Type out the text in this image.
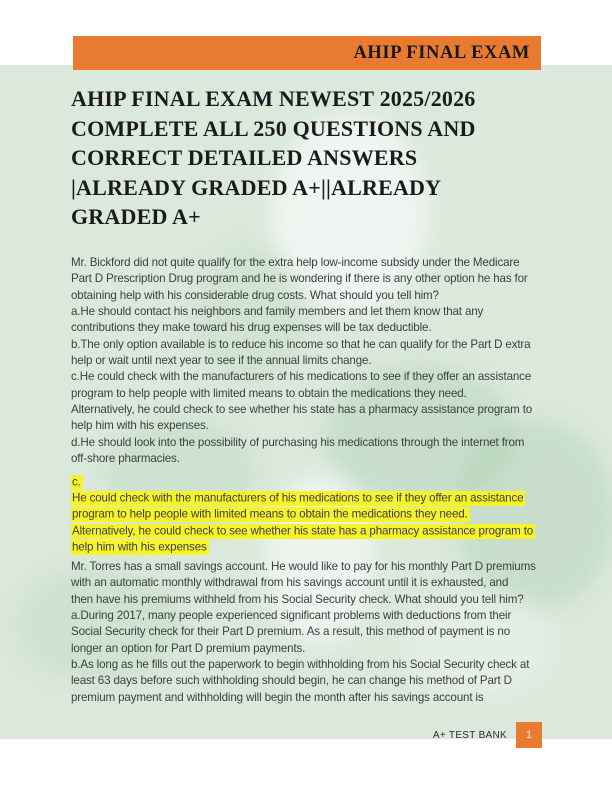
AHIP FINAL EXAM
AHIP FINAL EXAM NEWEST 2025/2026
COMPLETE ALL 250 QUESTIONS AND
CORRECT DETAILED ANSWERS
|ALREADY GRADED A+||ALREADY
GRADED A+
Mr. Bickford did not quite qualify for the extra help low-income subsidy under the Medicare
Part D Prescription Drug program and he is wondering if there is any other option he has for
obtaining help with his considerable drug costs. What should you tell him?
a.He should contact his neighbors and family members and let them know that any
contributions they make toward his drug expenses will be tax deductible.
b.The only option available is to reduce his income so that he can qualify for the Part D extra
help or wait until next year to see if the annual limits change.
c.He could check with the manufacturers of his medications to see if they offer an assistance
program to help people with limited means to obtain the medications they need.
Alternatively, he could check to see whether his state has a pharmacy assistance program to
help him with his expenses.
d.He should look into the possibility of purchasing his medications through the internet from
off-shore pharmacies.
c.
He could check with the manufacturers of his medications to see if they offer an assistance
program to help people with limited means to obtain the medications they need.
Alternatively, he could check to see whether his state has a pharmacy assistance program to
help him with his expenses
Mr. Torres has a small savings account. He would like to pay for his monthly Part D premiums
with an automatic monthly withdrawal from his savings account until it is exhausted, and
then have his premiums withheld from his Social Security check. What should you tell him?
a.During 2017, many people experienced significant problems with deductions from their
Social Security check for their Part D premium. As a result, this method of payment is no
longer an option for Part D premium payments.
b.As long as he fills out the paperwork to begin withholding from his Social Security check at
least 63 days before such withholding should begin, he can change his method of Part D
premium payment and withholding will begin the month after his savings account is
A+ TEST BANK	1
